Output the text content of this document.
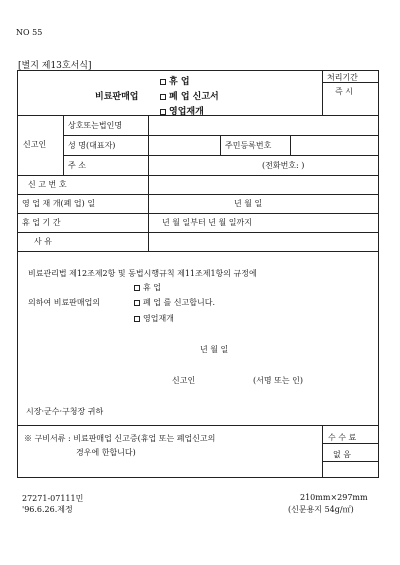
NO 55
[별지 제13호서식]
비료판매업
휴 업
폐 업 신고서
영업재개
처리기간
즉 시
신고인
상호또는법인명
성 명(대표자)	주민등록번호
주 소	(전화번호: )
신 고 번 호
영 업 재 개(폐 업) 일	년 월 일
휴 업 기 간	년 월 일부터 년 월 일까지
사 유
비료관리법 제12조제2항 및 동법시행규칙 제11조제1항의 규정에
의하여 비료판매업의
휴 업
폐 업 를 신고합니다.
영업재개
년 월 일
신고인	(서명 또는 인)
시장·군수·구청장 귀하
※ 구비서류 : 비료판매업 신고증(휴업 또는 폐업신고의
경우에 한합니다)
수 수 료
없 음
27271-07111민
'96.6.26.제정
210mm×297mm
(신문용지 54g/㎡)
